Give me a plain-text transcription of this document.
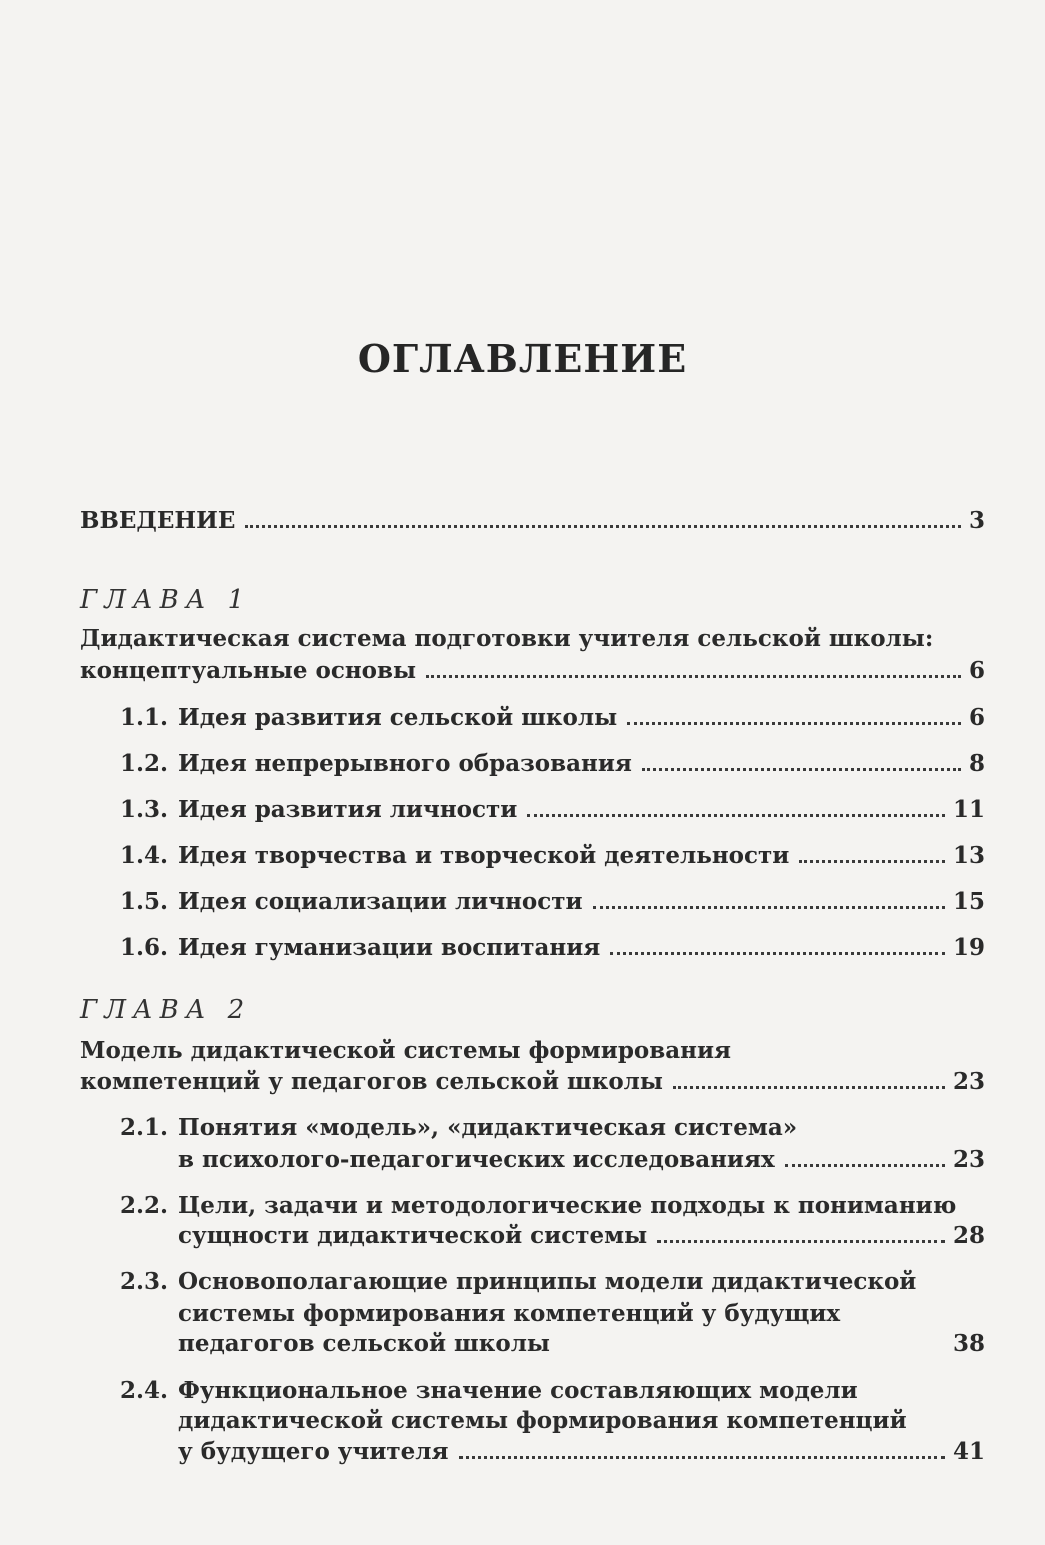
ОГЛАВЛЕНИЕ
ВВЕДЕНИЕ	3
ГЛАВА 1
Дидактическая система подготовки учителя сельской школы:
концептуальные основы	6
1.1. Идея развития сельской школы	6
1.2. Идея непрерывного образования	8
1.3. Идея развития личности	11
1.4. Идея творчества и творческой деятельности	13
1.5. Идея социализации личности	15
1.6. Идея гуманизации воспитания	19
ГЛАВА 2
Модель дидактической системы формирования
компетенций у педагогов сельской школы	23
2.1. Понятия «модель», «дидактическая система»
в психолого-педагогических исследованиях	23
2.2. Цели, задачи и методологические подходы к пониманию
сущности дидактической системы	28
2.3. Основополагающие принципы модели дидактической
системы формирования компетенций у будущих
педагогов сельской школы	38
2.4. Функциональное значение составляющих модели
дидактической системы формирования компетенций
у будущего учителя	41
